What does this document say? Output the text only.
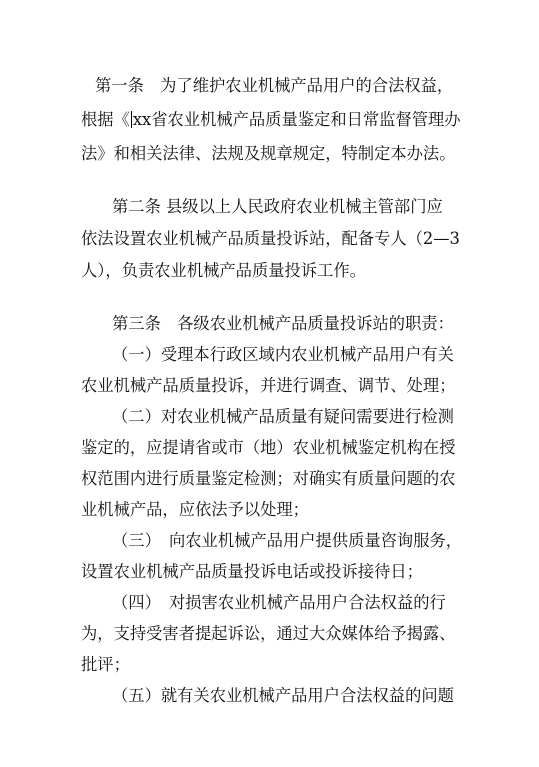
第一条　为了维护农业机械产品用户的合法权益，
根据《 xx省农业机械产品质量鉴定和日常监督管理办
法》和相关法律、法规及规章规定，特制定本办法。
第二条 县级以上人民政府农业机械主管部门应
依法设置农业机械产品质量投诉站，配备专人（2—3
人），负责农业机械产品质量投诉工作。
第三条　各级农业机械产品质量投诉站的职责：
（一）受理本行政区域内农业机械产品用户有关
农业机械产品质量投诉，并进行调查、调节、处理；
（二）对农业机械产品质量有疑问需要进行检测
鉴定的，应提请省或市（地）农业机械鉴定机构在授
权范围内进行质量鉴定检测；对确实有质量问题的农
业机械产品，应依法予以处理；
（三）　向农业机械产品用户提供质量咨询服务，
设置农业机械产品质量投诉电话或投诉接待日；
（四）　对损害农业机械产品用户合法权益的行
为，支持受害者提起诉讼，通过大众媒体给予揭露、
批评；
（五）就有关农业机械产品用户合法权益的问题
